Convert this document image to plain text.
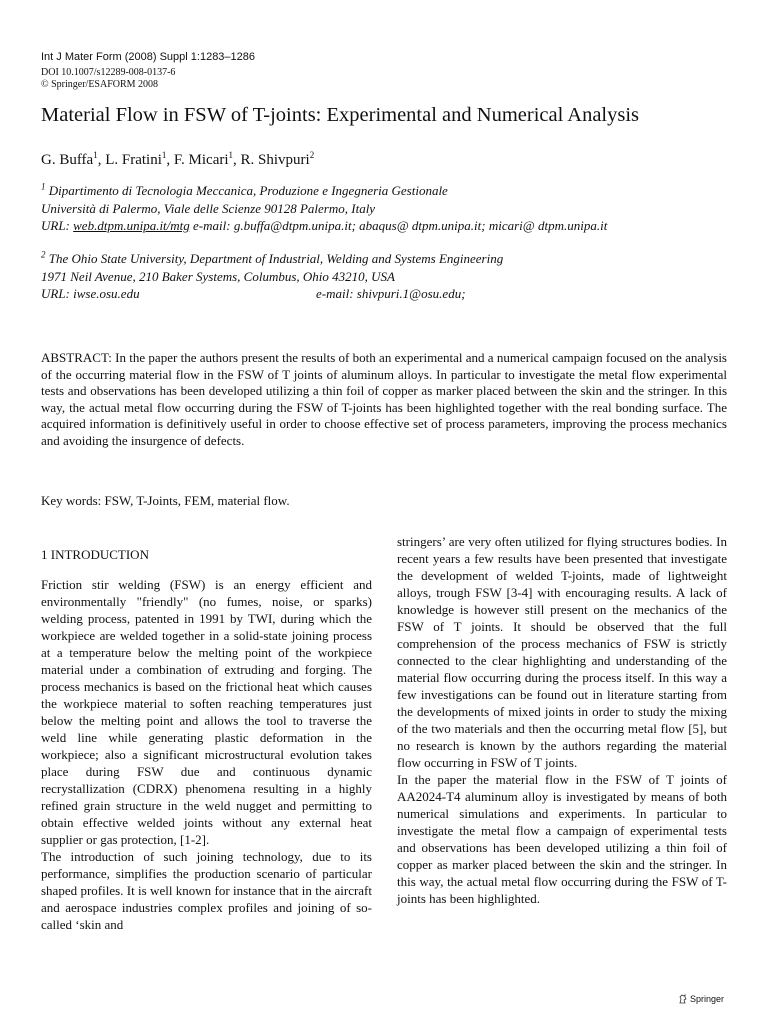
Int J Mater Form (2008) Suppl 1:1283–1286
DOI 10.1007/s12289-008-0137-6
© Springer/ESAFORM 2008
Material Flow in FSW of T-joints: Experimental and Numerical Analysis
G. Buffa$^1$, L. Fratini$^1$, F. Micari$^1$, R. Shivpuri$^2$
$^1$ Dipartimento di Tecnologia Meccanica, Produzione e Ingegneria Gestionale
Università di Palermo, Viale delle Scienze 90128 Palermo, Italy
URL: web.dtpm.unipa.it/mtg e-mail: g.buffa@dtpm.unipa.it; abaqus@ dtpm.unipa.it; micari@ dtpm.unipa.it
$^2$ The Ohio State University, Department of Industrial, Welding and Systems Engineering
1971 Neil Avenue, 210 Baker Systems, Columbus, Ohio 43210, USA
URL: iwse.osu.edu	e-mail: shivpuri.1@osu.edu;
ABSTRACT: In the paper the authors present the results of both an experimental and a numerical campaign focused on the analysis of the occurring material flow in the FSW of T joints of aluminum alloys. In particular to investigate the metal flow experimental tests and observations has been developed utilizing a thin foil of copper as marker placed between the skin and the stringer. In this way, the actual metal flow occurring during the FSW of T-joints has been highlighted together with the real bonding surface. The acquired information is definitively useful in order to choose effective set of process parameters, improving the process mechanics and avoiding the insurgence of defects.
Key words: FSW, T-Joints, FEM, material flow.
1 INTRODUCTION

Friction stir welding (FSW) is an energy efficient and environmentally "friendly" (no fumes, noise, or sparks) welding process, patented in 1991 by TWI, during which the workpiece are welded together in a solid-state joining process at a temperature below the melting point of the workpiece material under a combination of extruding and forging. The process mechanics is based on the frictional heat which causes the workpiece material to soften reaching temperatures just below the melting point and allows the tool to traverse the weld line while generating plastic deformation in the workpiece; also a significant microstructural evolution takes place during FSW due and continuous dynamic recrystallization (CDRX) phenomena resulting in a highly refined grain structure in the weld nugget and permitting to obtain effective welded joints without any external heat supplier or gas protection, [1-2].

The introduction of such joining technology, due to its performance, simplifies the production scenario of particular shaped profiles. It is well known for instance that in the aircraft and aerospace industries complex profiles and joining of so-called ‘skin and

stringers’ are very often utilized for flying structures bodies. In recent years a few results have been presented that investigate the development of welded T-joints, made of lightweight alloys, trough FSW [3-4] with encouraging results. A lack of knowledge is however still present on the mechanics of the FSW of T joints. It should be observed that the full comprehension of the process mechanics of FSW is strictly connected to the clear highlighting and understanding of the material flow occurring during the process itself. In this way a few investigations can be found out in literature starting from the developments of mixed joints in order to study the mixing of the two materials and then the occurring metal flow [5], but no research is known by the authors regarding the material flow occurring in FSW of T joints.

In the paper the material flow in the FSW of T joints of AA2024-T4 aluminum alloy is investigated by means of both numerical simulations and experiments. In particular to investigate the metal flow a campaign of experimental tests and observations has been developed utilizing a thin foil of copper as marker placed between the skin and the stringer. In this way, the actual metal flow occurring during the FSW of T-joints has been highlighted.

Springer
